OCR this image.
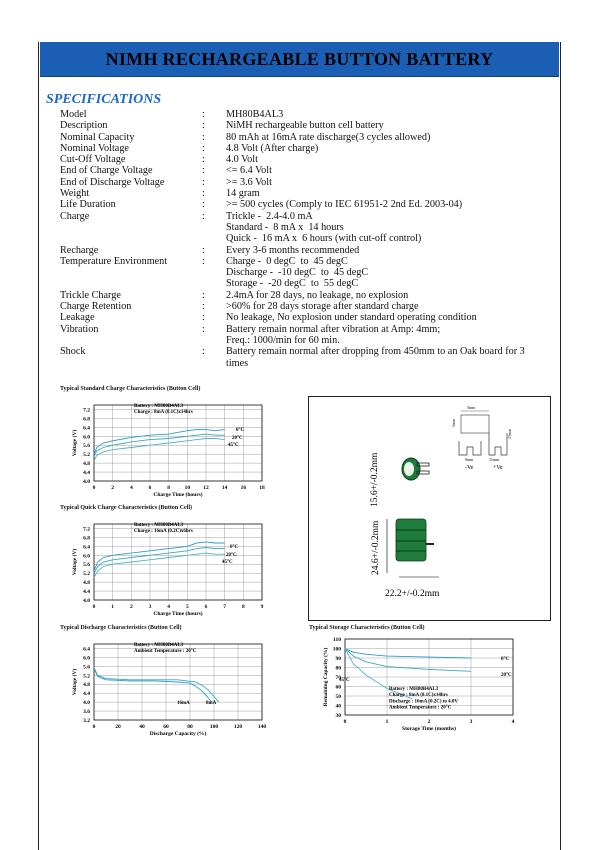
NIMH RECHARGEABLE BUTTON BATTERY
SPECIFICATIONS
Model	:	MH80B4AL3
Description	:	NiMH rechargeable button cell battery
Nominal Capacity	:	80 mAh at 16mA rate discharge(3 cycles allowed)
Nominal Voltage	:	4.8 Volt (After charge)
Cut-Off Voltage	:	4.0 Volt
End of Charge Voltage	:	<= 6.4 Volt
End of Discharge Voltage	:	>= 3.6 Volt
Weight	:	14 gram
Life Duration	:	>= 500 cycles (Comply to IEC 61951-2 2nd Ed. 2003-04)
Charge	:	Trickle -  2.4-4.0 mA
Standard -  8 mA x  14 hours
Quick -  16 mA x  6 hours (with cut-off control)
Recharge	:	Every 3-6 months recommended
Temperature Environment	:	Charge -  0 degC  to  45 degC
Discharge -  -10 degC  to  45 degC
Storage -  -20 degC  to  55 degC
Trickle Charge	:	2.4mA for 28 days, no leakage, no explosion
Charge Retention	:	>60% for 28 days storage after standard charge
Leakage	:	No leakage, No explosion under standard operating condition
Vibration	:	Battery remain normal after vibration at Amp: 4mm;
Freq.: 1000/min for 60 min.
Shock	:	Battery remain normal after dropping from 450mm to an Oak board for 3
times
Typical Standard Charge Characteristics (Button Cell)
Typical Quick Charge Characteristics (Button Cell)
Typical Discharge Characteristics (Button Cell)	Typical Storage Characteristics (Button Cell)
0	2	4	6	8	10 12 14 16 18
4.0
4.4
4.8
5.2
5.6
6.0
6.4
6.8
7.2
Charge Time (hours)
Voltage (V)	0°C
20°C
45°C
Battery : MH80B4AL3
Charge : 8mA (0.1C)x14hrs
0	1	2	3	4	5	6	7	8	9
4.0
4.4
4.8
5.2
5.6
6.0
6.4
6.8
7.2
Charge Time (hours)
Voltage (V)
0°C
20°C
45°C
Battery : MH80B4AL3
Charge : 16mA (0.2C)x6hrs
0	20	40	60	80	100	120	140
3.2
3.6
4.0
4.4
4.8
5.2
5.6
6.0
6.4
Discharge Capacity (%)
Voltage (V)
16mA	8mA
Battery : MH80B4AL3
Ambient Temperature : 20°C
0	1	2	3	4
30
40
50
60
70
80
90
100
110
Storage Time (months)
Remaining Capacity (%)	0°C
20°C
45°C
Battery : MH80B4AL3
Charge : 8mA (0.1C)x14hrs
Discharge : 16mA (0.2C) to 4.0V
Ambient Temperature : 20°C
5mm
5mm
9mm	11mm
13mm
-Ve	+Ve
15.6+/-0.2mm
24.6+/-0.2mm
22.2+/-0.2mm
